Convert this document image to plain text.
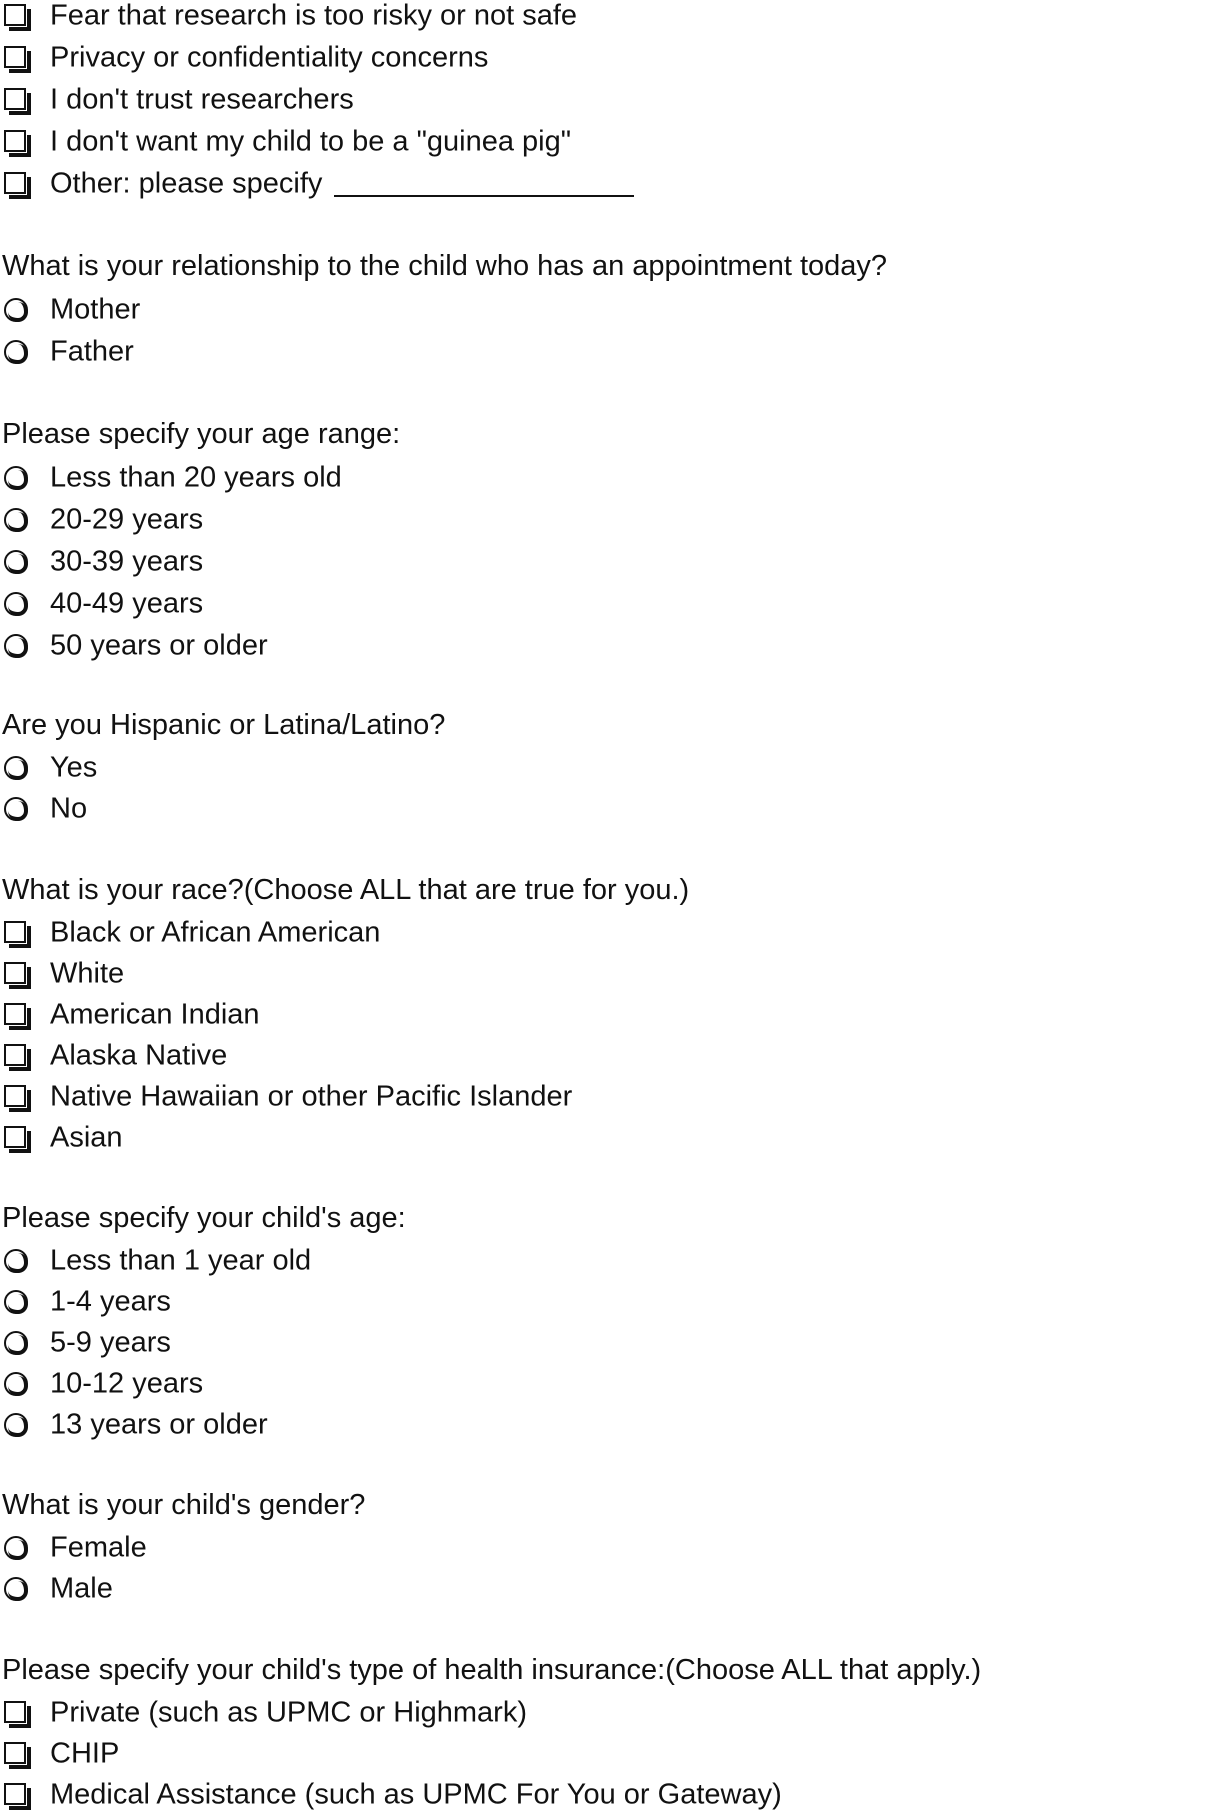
Fear that research is too risky or not safe
Privacy or confidentiality concerns
I don't trust researchers
I don't want my child to be a "guinea pig"
Other: please specify
What is your relationship to the child who has an appointment today?
Mother
Father
Please specify your age range:
Less than 20 years old
20-29 years
30-39 years
40-49 years
50 years or older
Are you Hispanic or Latina/Latino?
Yes
No
What is your race?(Choose ALL that are true for you.)
Black or African American
White
American Indian
Alaska Native
Native Hawaiian or other Pacific Islander
Asian
Please specify your child's age:
Less than 1 year old
1-4 years
5-9 years
10-12 years
13 years or older
What is your child's gender?
Female
Male
Please specify your child's type of health insurance:(Choose ALL that apply.)
Private (such as UPMC or Highmark)
CHIP
Medical Assistance (such as UPMC For You or Gateway)
